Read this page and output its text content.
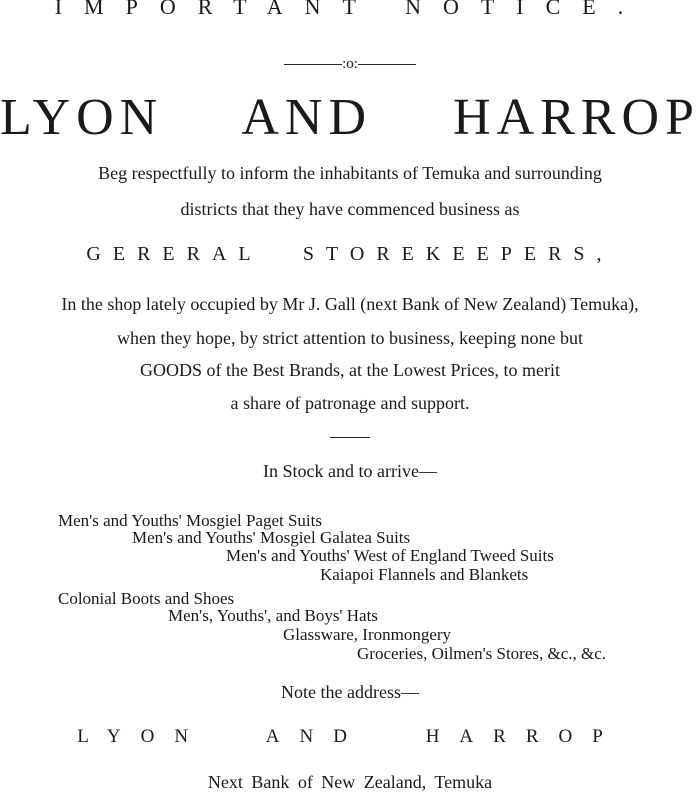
IMPORTANT NOTICE.
:o:
LYON AND HARROP
Beg respectfully to inform the inhabitants of Temuka and surrounding
districts that they have commenced business as
GERERAL STOREKEEPERS,
In the shop lately occupied by Mr J. Gall (next Bank of New Zealand) Temuka),
when they hope, by strict attention to business, keeping none but
GOODS of the Best Brands, at the Lowest Prices, to merit
a share of patronage and support.
In Stock and to arrive—
Men's and Youths' Mosgiel Paget Suits
Men's and Youths' Mosgiel Galatea Suits
Men's and Youths' West of England Tweed Suits
Kaiapoi Flannels and Blankets
Colonial Boots and Shoes
Men's, Youths', and Boys' Hats
Glassware, Ironmongery
Groceries, Oilmen's Stores, &c., &c.
Note the address—
LYON AND HARROP
Next Bank of New Zealand, Temuka
